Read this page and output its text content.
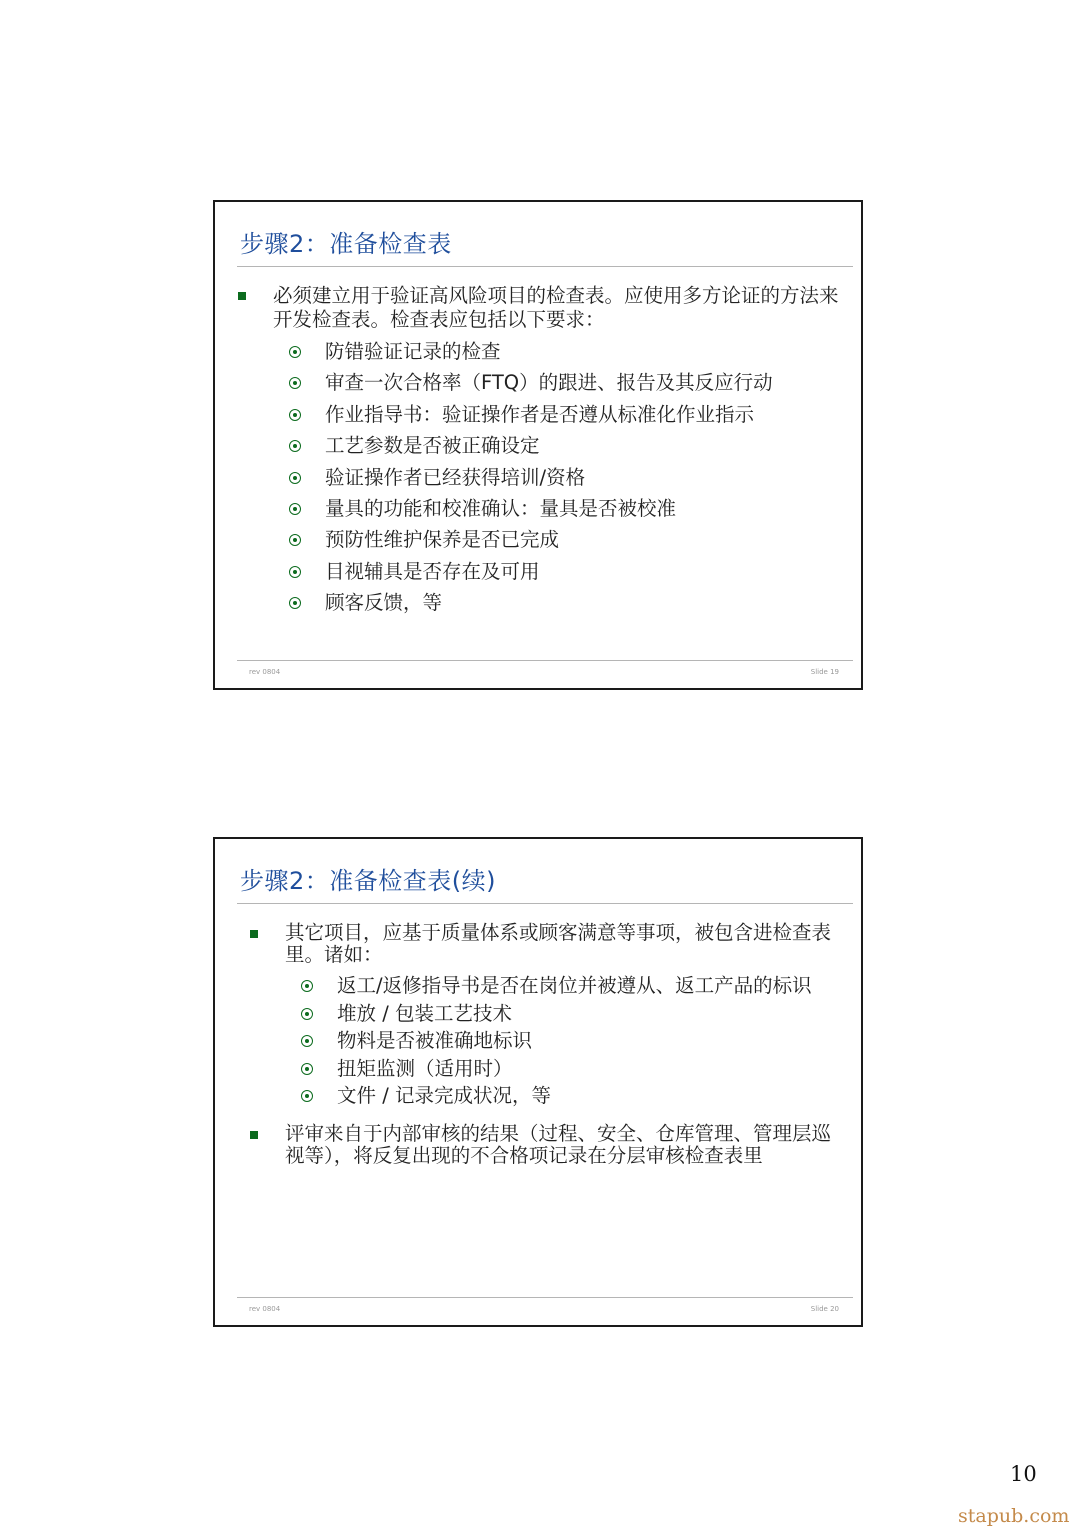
步骤2：准备检查表
必须建立用于验证高风险项目的检查表。应使用多方论证的方法来开发检查表。检查表应包括以下要求：
防错验证记录的检查
审查一次合格率（FTQ）的跟进、报告及其反应行动
作业指导书：验证操作者是否遵从标准化作业指示
工艺参数是否被正确设定
验证操作者已经获得培训/资格
量具的功能和校准确认：量具是否被校准
预防性维护保养是否已完成
目视辅具是否存在及可用
顾客反馈，等
rev 0804	Slide 19
步骤2：准备检查表(续)
其它项目，应基于质量体系或顾客满意等事项，被包含进检查表里。诸如：
返工/返修指导书是否在岗位并被遵从、返工产品的标识
堆放 / 包装工艺技术
物料是否被准确地标识
扭矩监测（适用时）
文件 / 记录完成状况，等
评审来自于内部审核的结果（过程、安全、仓库管理、管理层巡视等），将反复出现的不合格项记录在分层审核检查表里
rev 0804	Slide 20
10
stapub.com
